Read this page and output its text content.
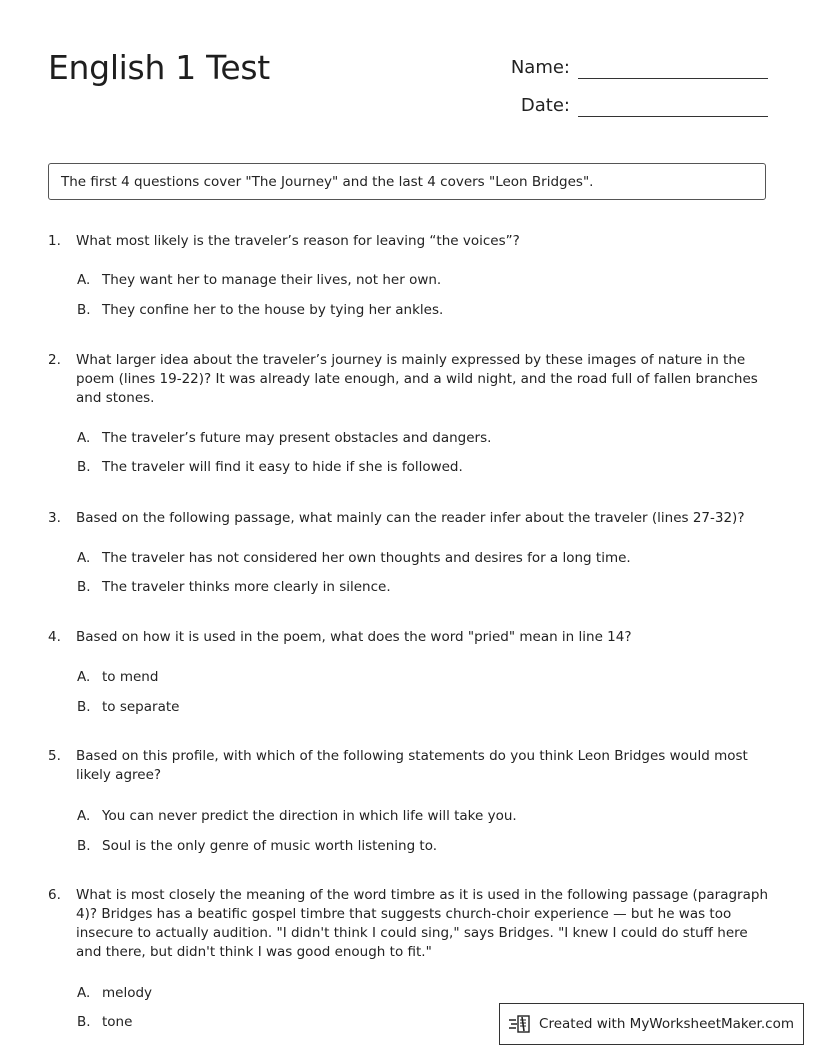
English 1 Test	Name:
Date:
The first 4 questions cover "The Journey" and the last 4 covers "Leon Bridges".
1.	What most likely is the traveler’s reason for leaving “the voices”?
A. They want her to manage their lives, not her own.
B. They confine her to the house by tying her ankles.
2.	What larger idea about the traveler’s journey is mainly expressed by these images of nature in the poem (lines 19-22)? It was already late enough, and a wild night, and the road full of fallen branches and stones.
A. The traveler’s future may present obstacles and dangers.
B. The traveler will find it easy to hide if she is followed.
3.	Based on the following passage, what mainly can the reader infer about the traveler (lines 27-32)?
A. The traveler has not considered her own thoughts and desires for a long time.
B. The traveler thinks more clearly in silence.
4.	Based on how it is used in the poem, what does the word "pried" mean in line 14?
A. to mend
B. to separate
5.	Based on this profile, with which of the following statements do you think Leon Bridges would most likely agree?
A. You can never predict the direction in which life will take you.
B. Soul is the only genre of music worth listening to.
6.	What is most closely the meaning of the word timbre as it is used in the following passage (paragraph 4)? Bridges has a beatific gospel timbre that suggests church-choir experience — but he was too insecure to actually audition. "I didn't think I could sing," says Bridges. "I knew I could do stuff here and there, but didn't think I was good enough to fit."
A. melody
B. tone	Created with MyWorksheetMaker.com
